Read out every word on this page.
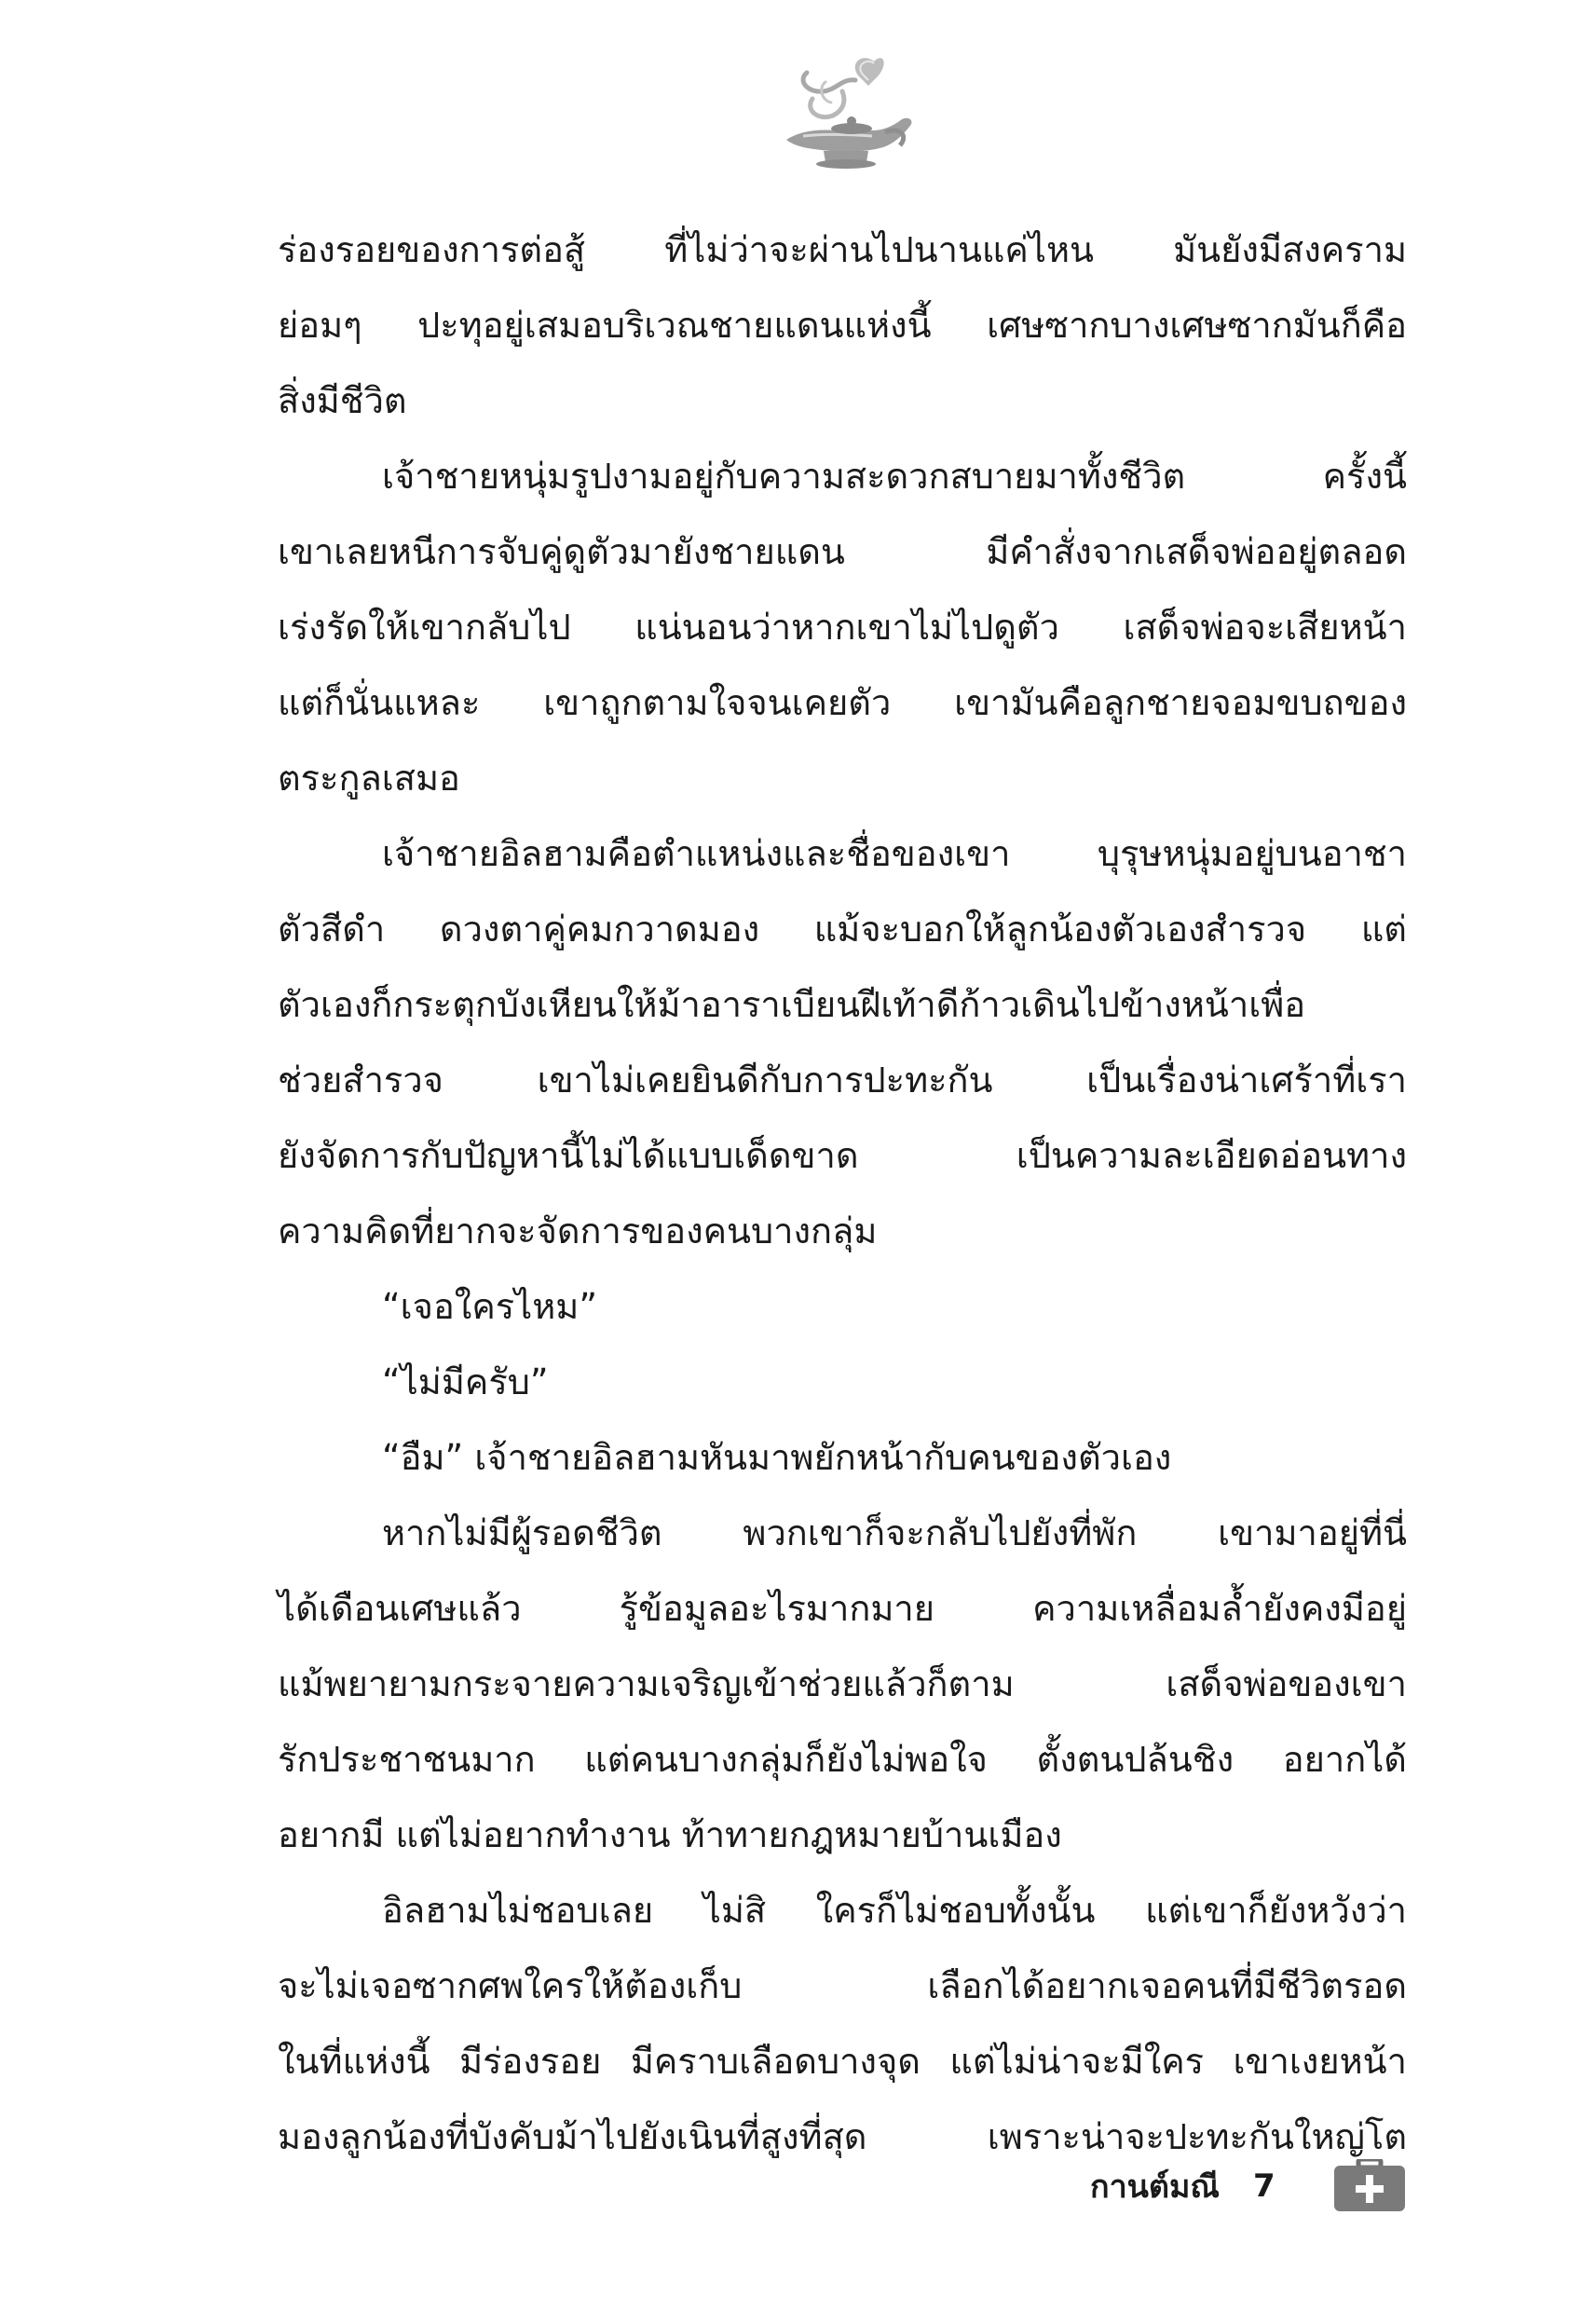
ร่องรอยของการต่อสู้ ที่ไม่ว่าจะผ่านไปนานแค่ไหน มันยังมีสงคราม
ย่อมๆ ปะทุอยู่เสมอบริเวณชายแดนแห่งนี้ เศษซากบางเศษซากมันก็คือ
สิ่งมีชีวิต
เจ้าชายหนุ่มรูปงามอยู่กับความสะดวกสบายมาทั้งชีวิต ครั้งนี้
เขาเลยหนีการจับคู่ดูตัวมายังชายแดน มีคำสั่งจากเสด็จพ่ออยู่ตลอด
เร่งรัดให้เขากลับไป แน่นอนว่าหากเขาไม่ไปดูตัว เสด็จพ่อจะเสียหน้า
แต่ก็นั่นแหละ เขาถูกตามใจจนเคยตัว เขามันคือลูกชายจอมขบถของ
ตระกูลเสมอ
เจ้าชายอิลฮามคือตำแหน่งและชื่อของเขา บุรุษหนุ่มอยู่บนอาชา
ตัวสีดำ ดวงตาคู่คมกวาดมอง แม้จะบอกให้ลูกน้องตัวเองสำรวจ แต่
ตัวเองก็กระตุกบังเหียนให้ม้าอาราเบียนฝีเท้าดีก้าวเดินไปข้างหน้าเพื่อ
ช่วยสำรวจ เขาไม่เคยยินดีกับการปะทะกัน เป็นเรื่องน่าเศร้าที่เรา
ยังจัดการกับปัญหานี้ไม่ได้แบบเด็ดขาด เป็นความละเอียดอ่อนทาง
ความคิดที่ยากจะจัดการของคนบางกลุ่ม
“เจอใครไหม”
“ไม่มีครับ”
“อืม” เจ้าชายอิลฮามหันมาพยักหน้ากับคนของตัวเอง
หากไม่มีผู้รอดชีวิต พวกเขาก็จะกลับไปยังที่พัก เขามาอยู่ที่นี่
ได้เดือนเศษแล้ว รู้ข้อมูลอะไรมากมาย ความเหลื่อมล้ำยังคงมีอยู่
แม้พยายามกระจายความเจริญเข้าช่วยแล้วก็ตาม เสด็จพ่อของเขา
รักประชาชนมาก แต่คนบางกลุ่มก็ยังไม่พอใจ ตั้งตนปล้นชิง อยากได้
อยากมี แต่ไม่อยากทำงาน ท้าทายกฎหมายบ้านเมือง
อิลฮามไม่ชอบเลย ไม่สิ ใครก็ไม่ชอบทั้งนั้น แต่เขาก็ยังหวังว่า
จะไม่เจอซากศพใครให้ต้องเก็บ เลือกได้อยากเจอคนที่มีชีวิตรอด
ในที่แห่งนี้ มีร่องรอย มีคราบเลือดบางจุด แต่ไม่น่าจะมีใคร เขาเงยหน้า
มองลูกน้องที่บังคับม้าไปยังเนินที่สูงที่สุด เพราะน่าจะปะทะกันใหญ่โต
กานต์มณี 7
